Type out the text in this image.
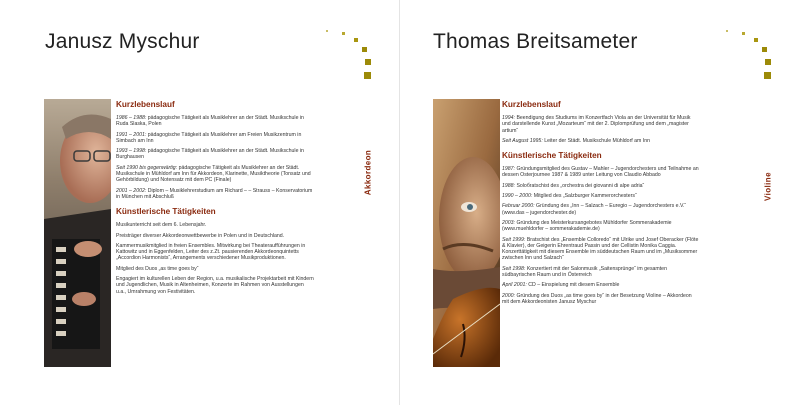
Janusz Myschur
Kurzlebenslauf
1986 – 1988: pädagogische Tätigkeit als Musiklehrer an der Städt. Musikschule in Ruda Slaska, Polen
1991 – 2001: pädagogische Tätigkeit als Musiklehrer am Freien Musikzentrum in Simbach am Inn
1993 – 1998: pädagogische Tätigkeit als Musiklehrer an der Städt. Musikschule in Burghausen
Seit 1990 bis gegenwärtig: pädagogische Tätigkeit als Musiklehrer an der Städt. Musikschule in Mühldorf am Inn für Akkordeon, Klarinette, Musiktheorie (Tonsatz und Gehörbildung) und Notensatz mit dem PC (Finale)
2001 – 2002: Diplom – Musiklehrerstudium am Richard – – Strauss – Konservatorium in München mit Abschluß
Künstlerische Tätigkeiten
Musikunterricht seit dem 6. Lebensjahr.
Preisträger diverser Akkordeonwettbewerbe in Polen und in Deutschland.
Kammermusikmitglied in freien Ensembles. Mitwirkung bei Theateraufführungen in Kattowitz und in Eggenfelden, Leiter des z.Zt. pausierenden Akkordeonquintetts „Accordion Harmonists“, Arrangements verschiedener Musikproduktionen.
Mitglied des Duos „as time goes by“
Engagiert im kulturellen Leben der Region, u.a. musikalische Projektarbeit mit Kindern und Jugendlichen, Musik in Altenheimen, Konzerte im Rahmen von Ausstellungen u.a., Umrahmung von Festivitäten.
Akkordeon
Thomas Breitsameter
Kurzlebenslauf
1994: Beendigung des Studiums im Konzertfach Viola an der Universität für Musik und darstellende Kunst „Mozarteum“ mit der 2. Diplomprüfung und dem „magister artium“
Seit August 1995: Leiter der Städt. Musikschule Mühldorf am Inn
Künstlerische Tätigkeiten
1987: Gründungsmitglied des Gustav – Mahler – Jugendorchesters und Teilnahme an dessen Osterjournee 1987 & 1989 unter Leitung von Claudio Abbado
1988: Soloбratschist des „orchestra dei giovanni di alpe adria“
1990 – 2000: Mitglied des „Salzburger Kammerorchesters“
Februar 2000: Gründung des „Inn – Salzach – Euregio – Jugendorchesters e.V.“ (www.das – jugendorchester.de)
2003: Gründung des Meisterkursangebotes Mühldorfer Sommerakademie (www.muehldorfer – sommerakademie.de)
Seit 1999: Bratschist des „Ensemble Colloredo“ mit Ulrike und Josef Oberacker (Flöte & Klavier), der Geigerin Ehrentraud Passin und der Cellistin Monika Caggia. Konzerttätigkeit mit diesem Ensemble im süddeutschen Raum und im „Musiksommer zwischen Inn und Salzach“
Seit 1998: Konzertiert mit der Salonmusik „Saitensprünge“ im gesamten südbayrischen Raum und in Österreich
April 2001: CD – Einspielung mit diesem Ensemble
2000: Gründung des Duos „as time goes by“ in der Besetzung Violine – Akkordeon mit dem Akkordeonisten Janusz Myschur
Violine
